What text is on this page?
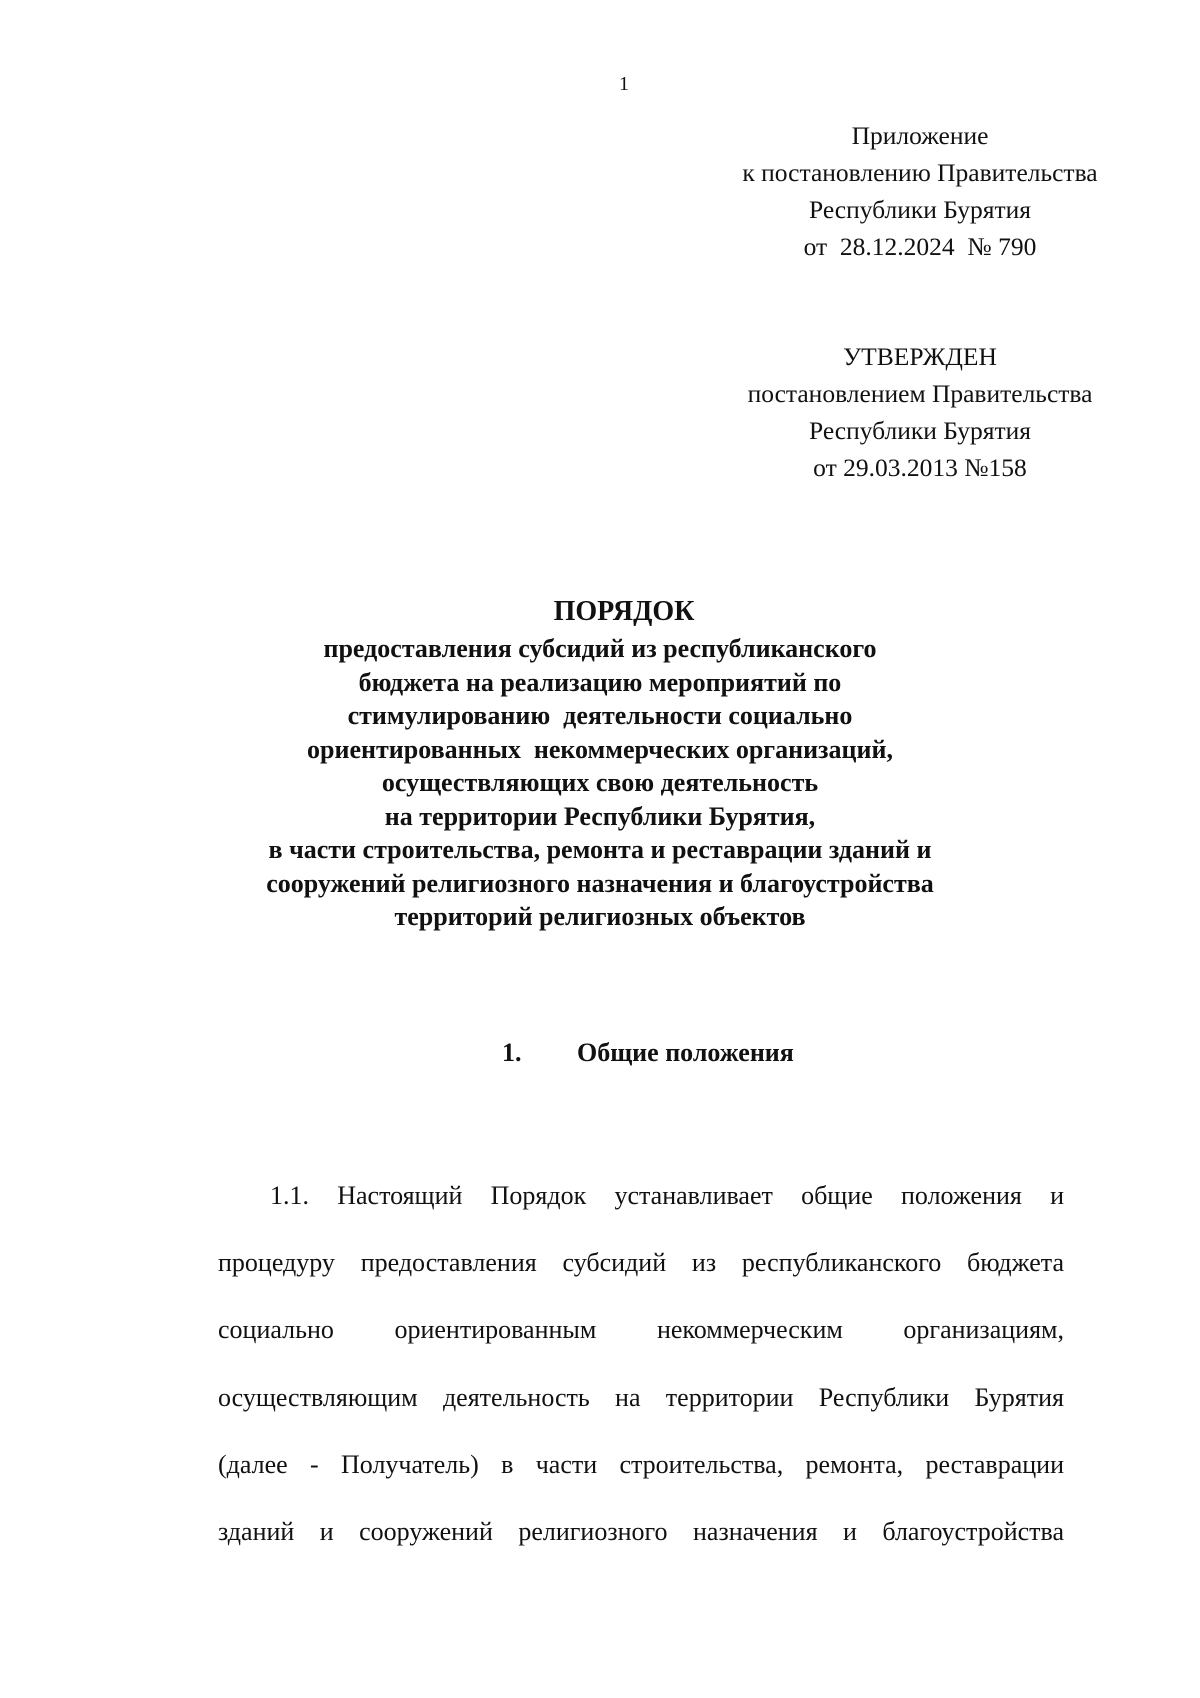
1
Приложение
к постановлению Правительства
Республики Бурятия
от  28.12.2024  № 790
УТВЕРЖДЕН
постановлением Правительства
Республики Бурятия
от 29.03.2013 №158
ПОРЯДОК
предоставления субсидий из республиканского
бюджета на реализацию мероприятий по
стимулированию  деятельности социально
ориентированных  некоммерческих организаций,
осуществляющих свою деятельность
на территории Республики Бурятия,
в части строительства, ремонта и реставрации зданий и
сооружений религиозного назначения и благоустройства
территорий религиозных объектов
1. Общие положения
1.1. Настоящий Порядок устанавливает общие положения и
процедуру предоставления субсидий из республиканского бюджета
социально ориентированным некоммерческим организациям,
осуществляющим деятельность на территории Республики Бурятия
(далее - Получатель) в части строительства, ремонта, реставрации
зданий и сооружений религиозного назначения и благоустройства
